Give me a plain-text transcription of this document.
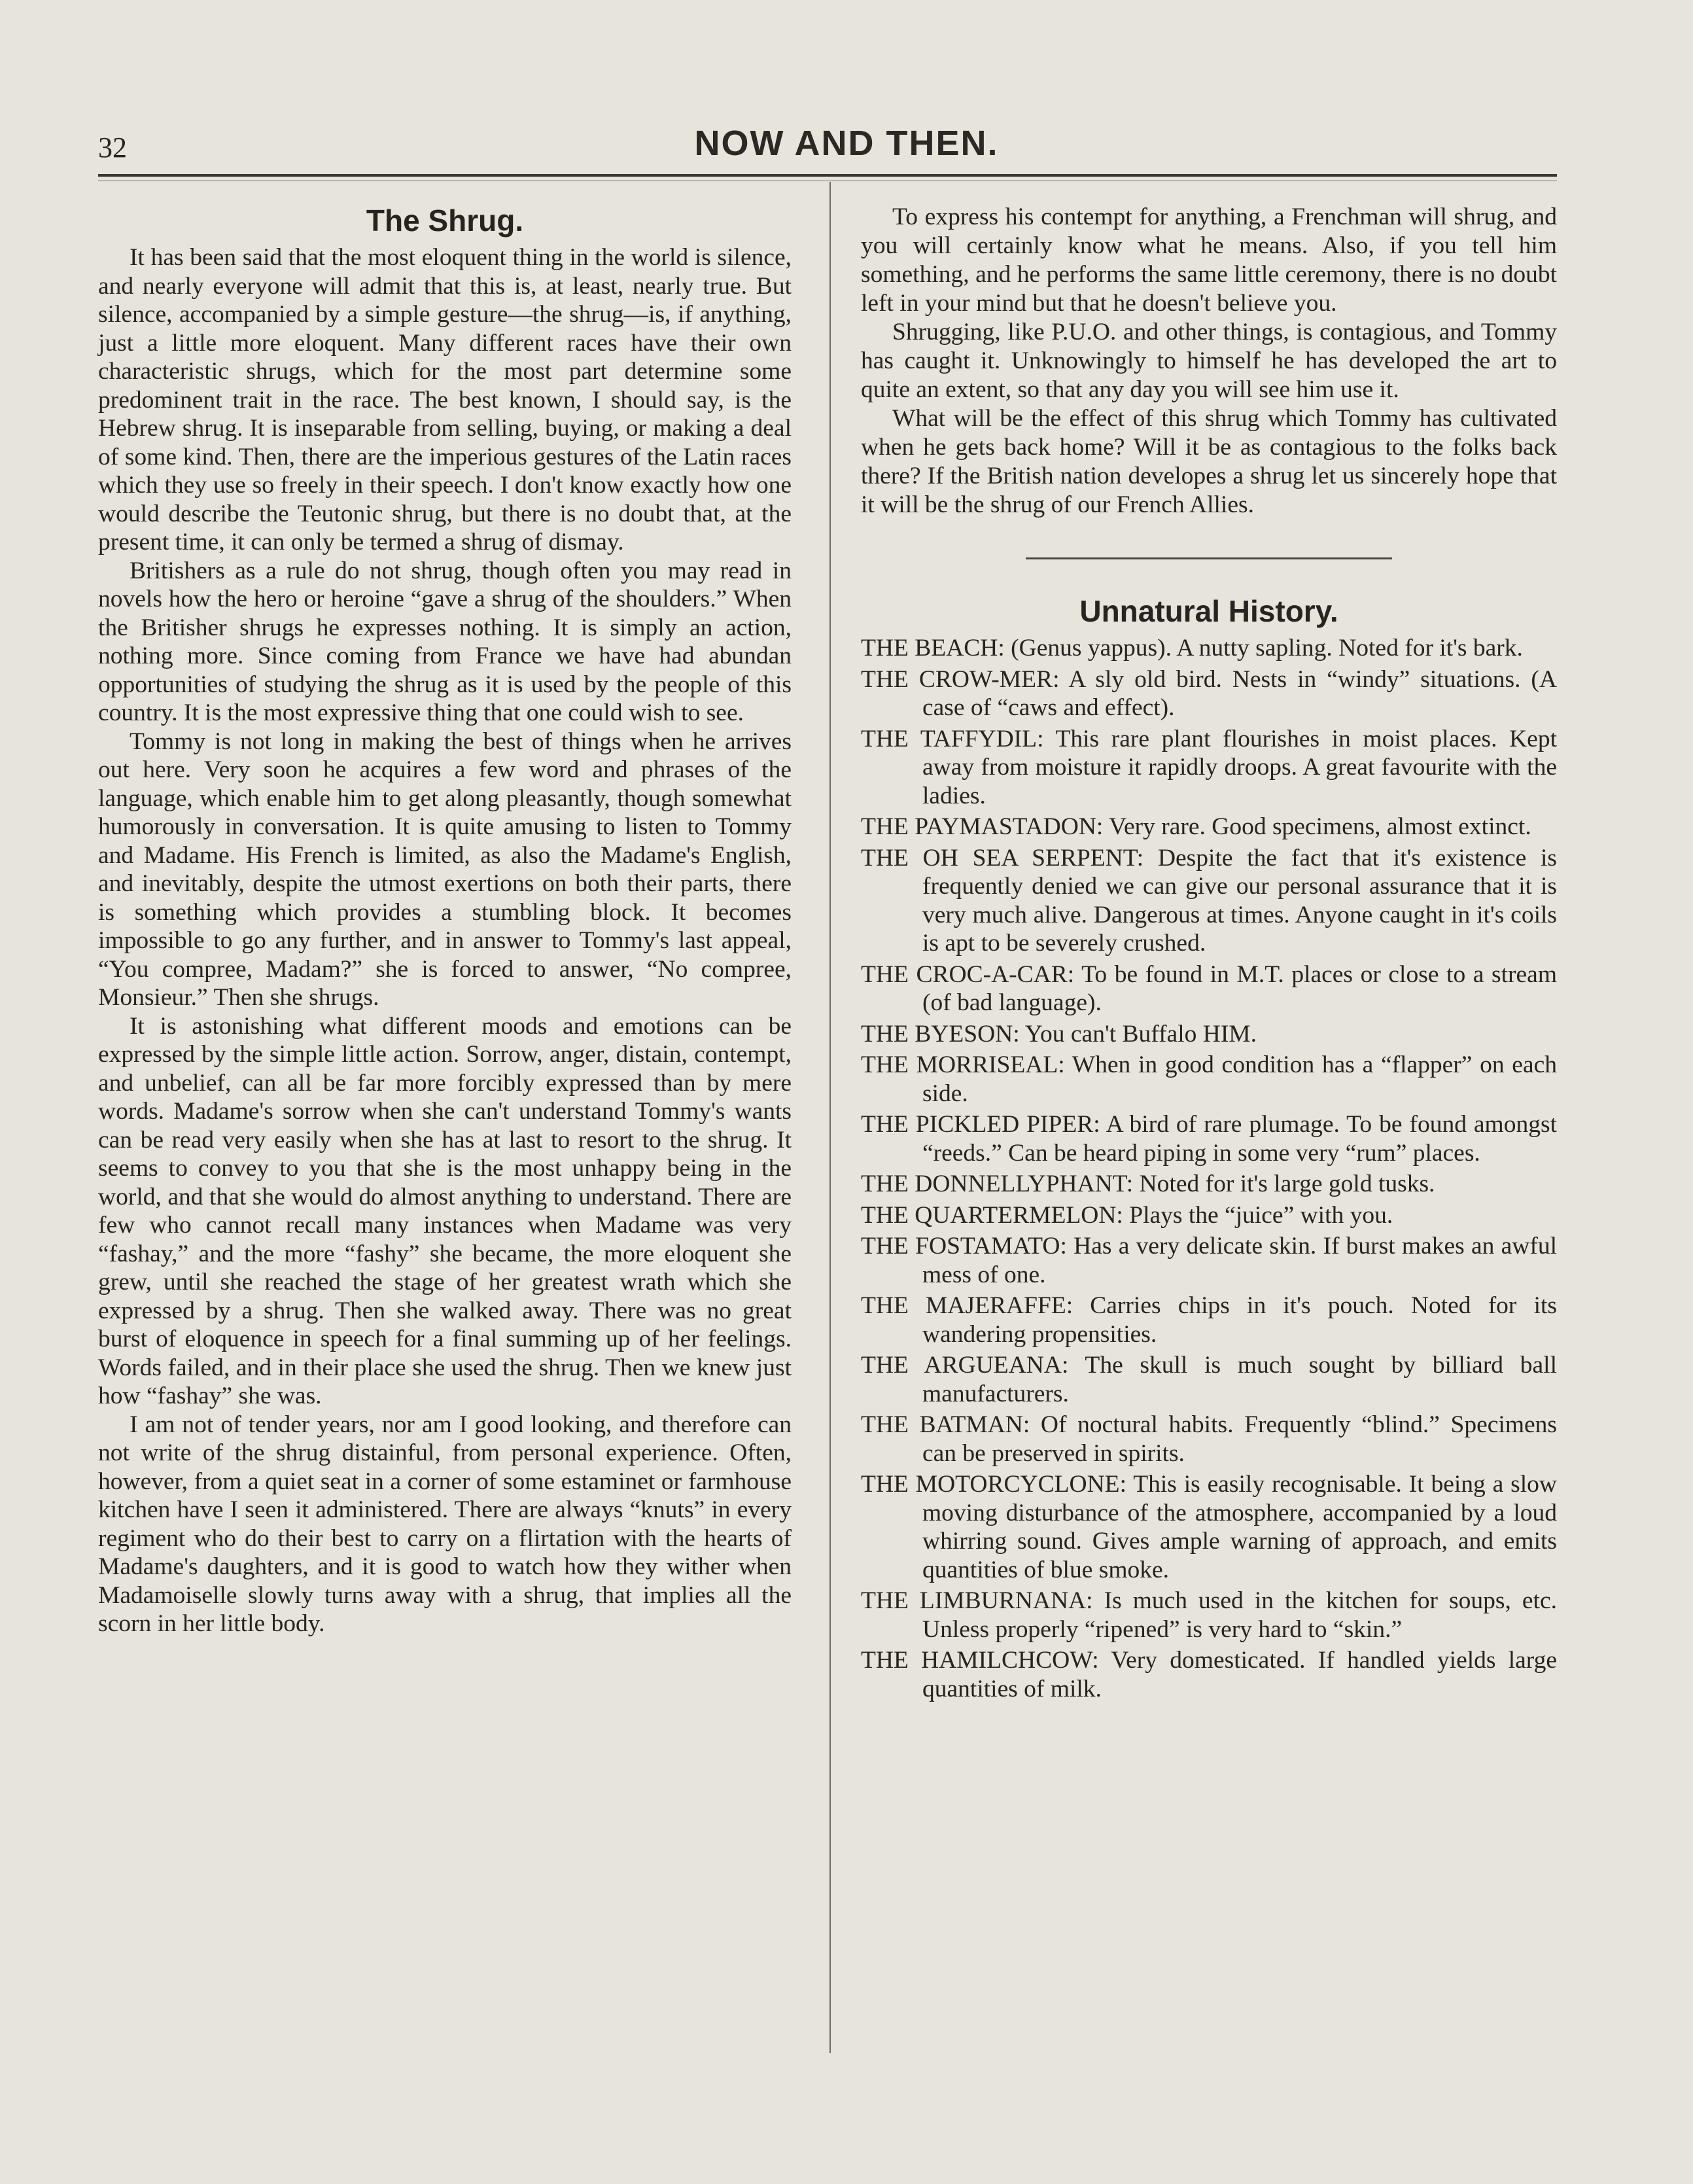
32	NOW AND THEN.
The Shrug.

It has been said that the most eloquent thing in the world is silence, and nearly everyone will admit that this is, at least, nearly true. But silence, accompanied by a simple gesture—the shrug—is, if anything, just a little more eloquent. Many different races have their own characteristic shrugs, which for the most part determine some predominent trait in the race. The best known, I should say, is the Hebrew shrug. It is inseparable from selling, buying, or making a deal of some kind. Then, there are the imperious gestures of the Latin races which they use so freely in their speech. I don't know exactly how one would describe the Teutonic shrug, but there is no doubt that, at the present time, it can only be termed a shrug of dismay.

Britishers as a rule do not shrug, though often you may read in novels how the hero or heroine “gave a shrug of the shoulders.” When the Britisher shrugs he expresses nothing. It is simply an action, nothing more. Since coming from France we have had abundan opportunities of studying the shrug as it is used by the people of this country. It is the most expressive thing that one could wish to see.

Tommy is not long in making the best of things when he arrives out here. Very soon he acquires a few word and phrases of the language, which enable him to get along pleasantly, though somewhat humorously in conversation. It is quite amusing to listen to Tommy and Madame. His French is limited, as also the Madame's English, and inevitably, despite the utmost exertions on both their parts, there is something which provides a stumbling block. It becomes impossible to go any further, and in answer to Tommy's last appeal, “You compree, Madam?” she is forced to answer, “No compree, Monsieur.” Then she shrugs.

It is astonishing what different moods and emotions can be expressed by the simple little action. Sorrow, anger, distain, contempt, and unbelief, can all be far more forcibly expressed than by mere words. Madame's sorrow when she can't understand Tommy's wants can be read very easily when she has at last to resort to the shrug. It seems to convey to you that she is the most unhappy being in the world, and that she would do almost anything to understand. There are few who cannot recall many instances when Madame was very “fashay,” and the more “fashy” she became, the more eloquent she grew, until she reached the stage of her greatest wrath which she expressed by a shrug. Then she walked away. There was no great burst of eloquence in speech for a final summing up of her feelings. Words failed, and in their place she used the shrug. Then we knew just how “fashay” she was.

I am not of tender years, nor am I good looking, and therefore can not write of the shrug distainful, from personal experience. Often, however, from a quiet seat in a corner of some estaminet or farmhouse kitchen have I seen it administered. There are always “knuts” in every regiment who do their best to carry on a flirtation with the hearts of Madame's daughters, and it is good to watch how they wither when Madamoiselle slowly turns away with a shrug, that implies all the scorn in her little body.

To express his contempt for anything, a Frenchman will shrug, and you will certainly know what he means. Also, if you tell him something, and he performs the same little ceremony, there is no doubt left in your mind but that he doesn't believe you.

Shrugging, like P.U.O. and other things, is contagious, and Tommy has caught it. Unknowingly to himself he has developed the art to quite an extent, so that any day you will see him use it.

What will be the effect of this shrug which Tommy has cultivated when he gets back home? Will it be as contagious to the folks back there? If the British nation developes a shrug let us sincerely hope that it will be the shrug of our French Allies.

Unnatural History.
THE BEACH: (Genus yappus). A nutty sapling. Noted for it's bark.
THE CROW-MER: A sly old bird. Nests in “windy” situations. (A case of “caws and effect).
THE TAFFYDIL: This rare plant flourishes in moist places. Kept away from moisture it rapidly droops. A great favourite with the ladies.
THE PAYMASTADON: Very rare. Good specimens, almost extinct.
THE OH SEA SERPENT: Despite the fact that it's existence is frequently denied we can give our personal assurance that it is very much alive. Dangerous at times. Anyone caught in it's coils is apt to be severely crushed.
THE CROC-A-CAR: To be found in M.T. places or close to a stream (of bad language).
THE BYESON: You can't Buffalo HIM.
THE MORRISEAL: When in good condition has a “flapper” on each side.
THE PICKLED PIPER: A bird of rare plumage. To be found amongst “reeds.” Can be heard piping in some very “rum” places.
THE DONNELLYPHANT: Noted for it's large gold tusks.
THE QUARTERMELON: Plays the “juice” with you.
THE FOSTAMATO: Has a very delicate skin. If burst makes an awful mess of one.
THE MAJERAFFE: Carries chips in it's pouch. Noted for its wandering propensities.
THE ARGUEANA: The skull is much sought by billiard ball manufacturers.
THE BATMAN: Of noctural habits. Frequently “blind.” Specimens can be preserved in spirits.
THE MOTORCYCLONE: This is easily recognisable. It being a slow moving disturbance of the atmosphere, accompanied by a loud whirring sound. Gives ample warning of approach, and emits quantities of blue smoke.
THE LIMBURNANA: Is much used in the kitchen for soups, etc. Unless properly “ripened” is very hard to “skin.”
THE HAMILCHCOW: Very domesticated. If handled yields large quantities of milk.
